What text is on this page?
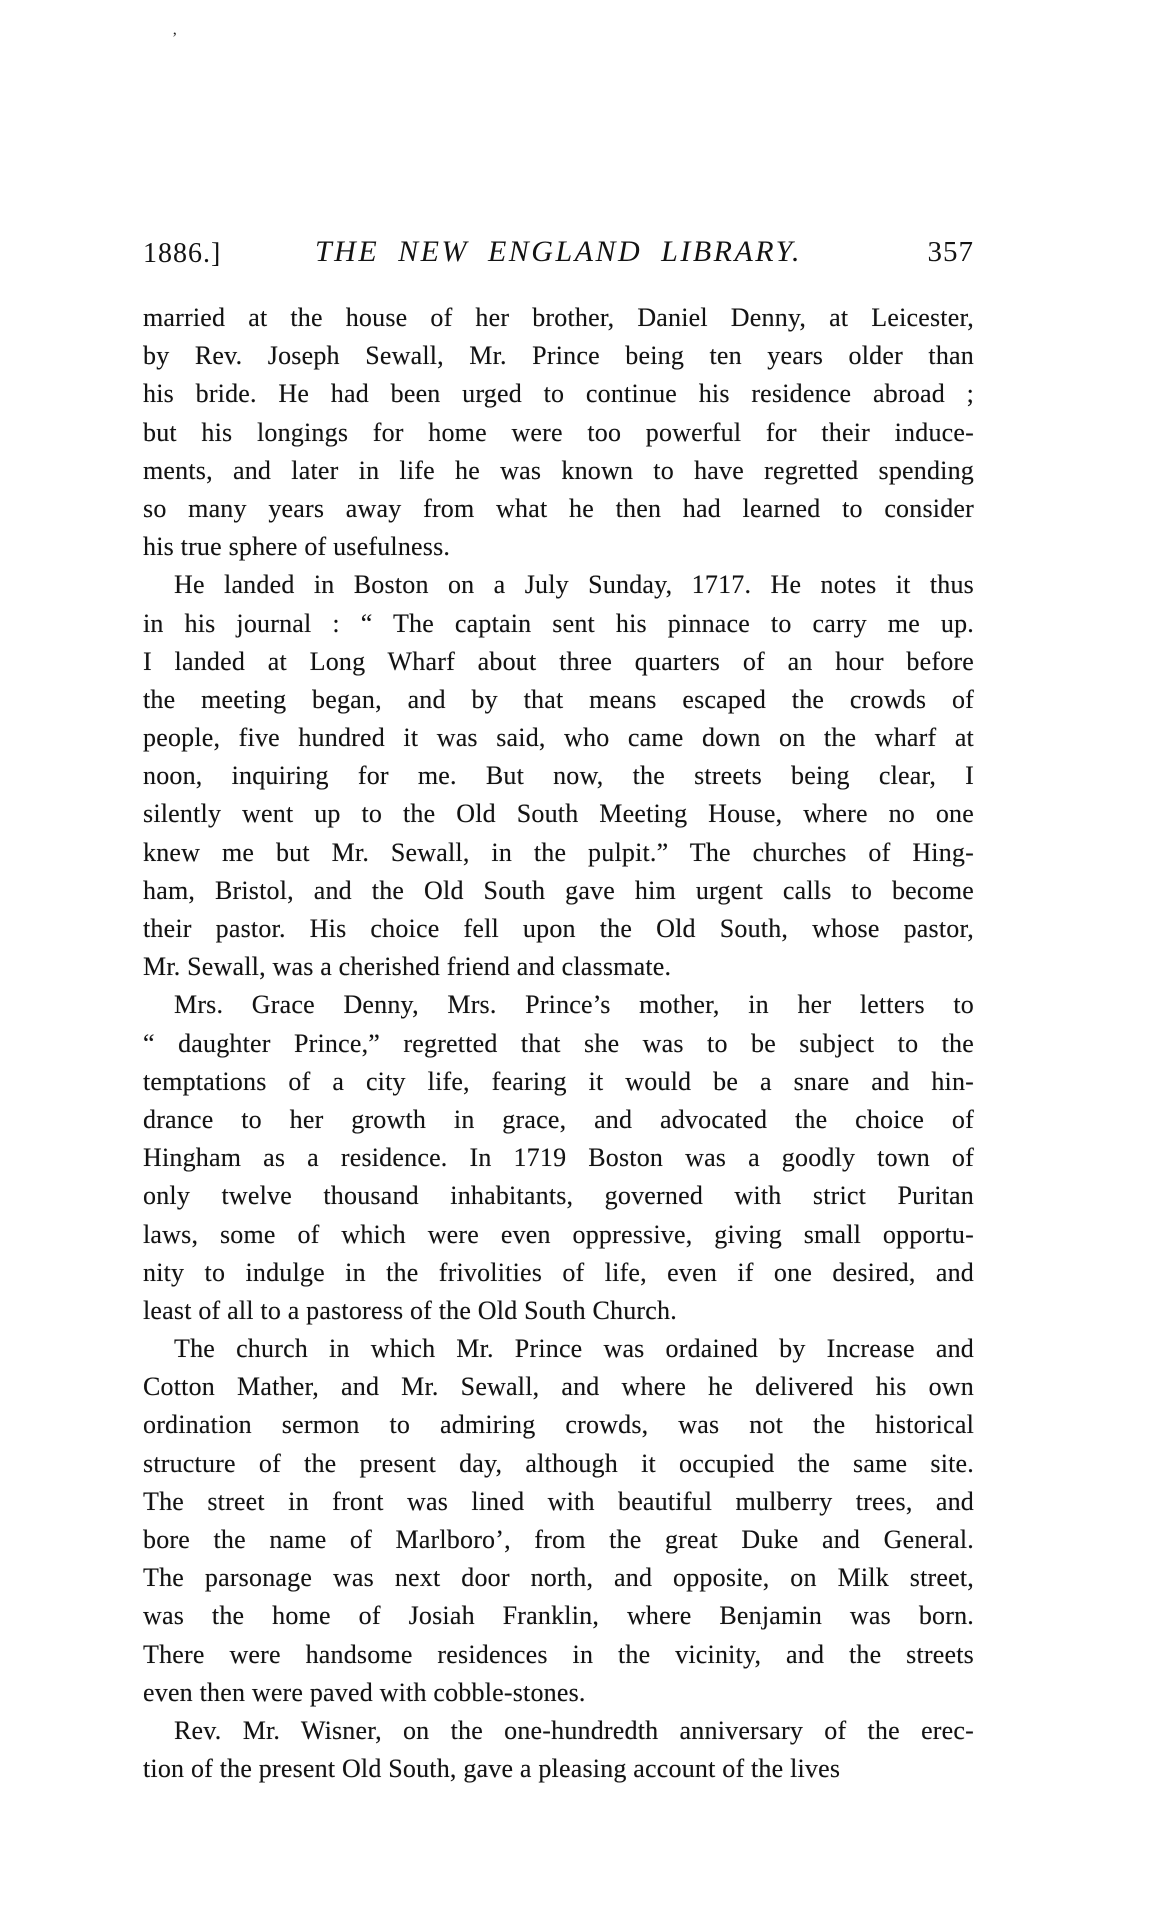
’
1886.]	THE NEW ENGLAND LIBRARY.	357
married at the house of her brother, Daniel Denny, at Leicester,
by Rev. Joseph Sewall, Mr. Prince being ten years older than
his bride. He had been urged to continue his residence abroad ;
but his longings for home were too powerful for their induce-
ments, and later in life he was known to have regretted spending
so many years away from what he then had learned to consider
his true sphere of usefulness.
He landed in Boston on a July Sunday, 1717. He notes it thus
in his journal : “ The captain sent his pinnace to carry me up.
I landed at Long Wharf about three quarters of an hour before
the meeting began, and by that means escaped the crowds of
people, five hundred it was said, who came down on the wharf at
noon, inquiring for me. But now, the streets being clear, I
silently went up to the Old South Meeting House, where no one
knew me but Mr. Sewall, in the pulpit.” The churches of Hing-
ham, Bristol, and the Old South gave him urgent calls to become
their pastor. His choice fell upon the Old South, whose pastor,
Mr. Sewall, was a cherished friend and classmate.
Mrs. Grace Denny, Mrs. Prince’s mother, in her letters to
“ daughter Prince,” regretted that she was to be subject to the
temptations of a city life, fearing it would be a snare and hin-
drance to her growth in grace, and advocated the choice of
Hingham as a residence. In 1719 Boston was a goodly town of
only twelve thousand inhabitants, governed with strict Puritan
laws, some of which were even oppressive, giving small opportu-
nity to indulge in the frivolities of life, even if one desired, and
least of all to a pastoress of the Old South Church.
The church in which Mr. Prince was ordained by Increase and
Cotton Mather, and Mr. Sewall, and where he delivered his own
ordination sermon to admiring crowds, was not the historical
structure of the present day, although it occupied the same site.
The street in front was lined with beautiful mulberry trees, and
bore the name of Marlboro’, from the great Duke and General.
The parsonage was next door north, and opposite, on Milk street,
was the home of Josiah Franklin, where Benjamin was born.
There were handsome residences in the vicinity, and the streets
even then were paved with cobble-stones.
Rev. Mr. Wisner, on the one-hundredth anniversary of the erec-
tion of the present Old South, gave a pleasing account of the lives
